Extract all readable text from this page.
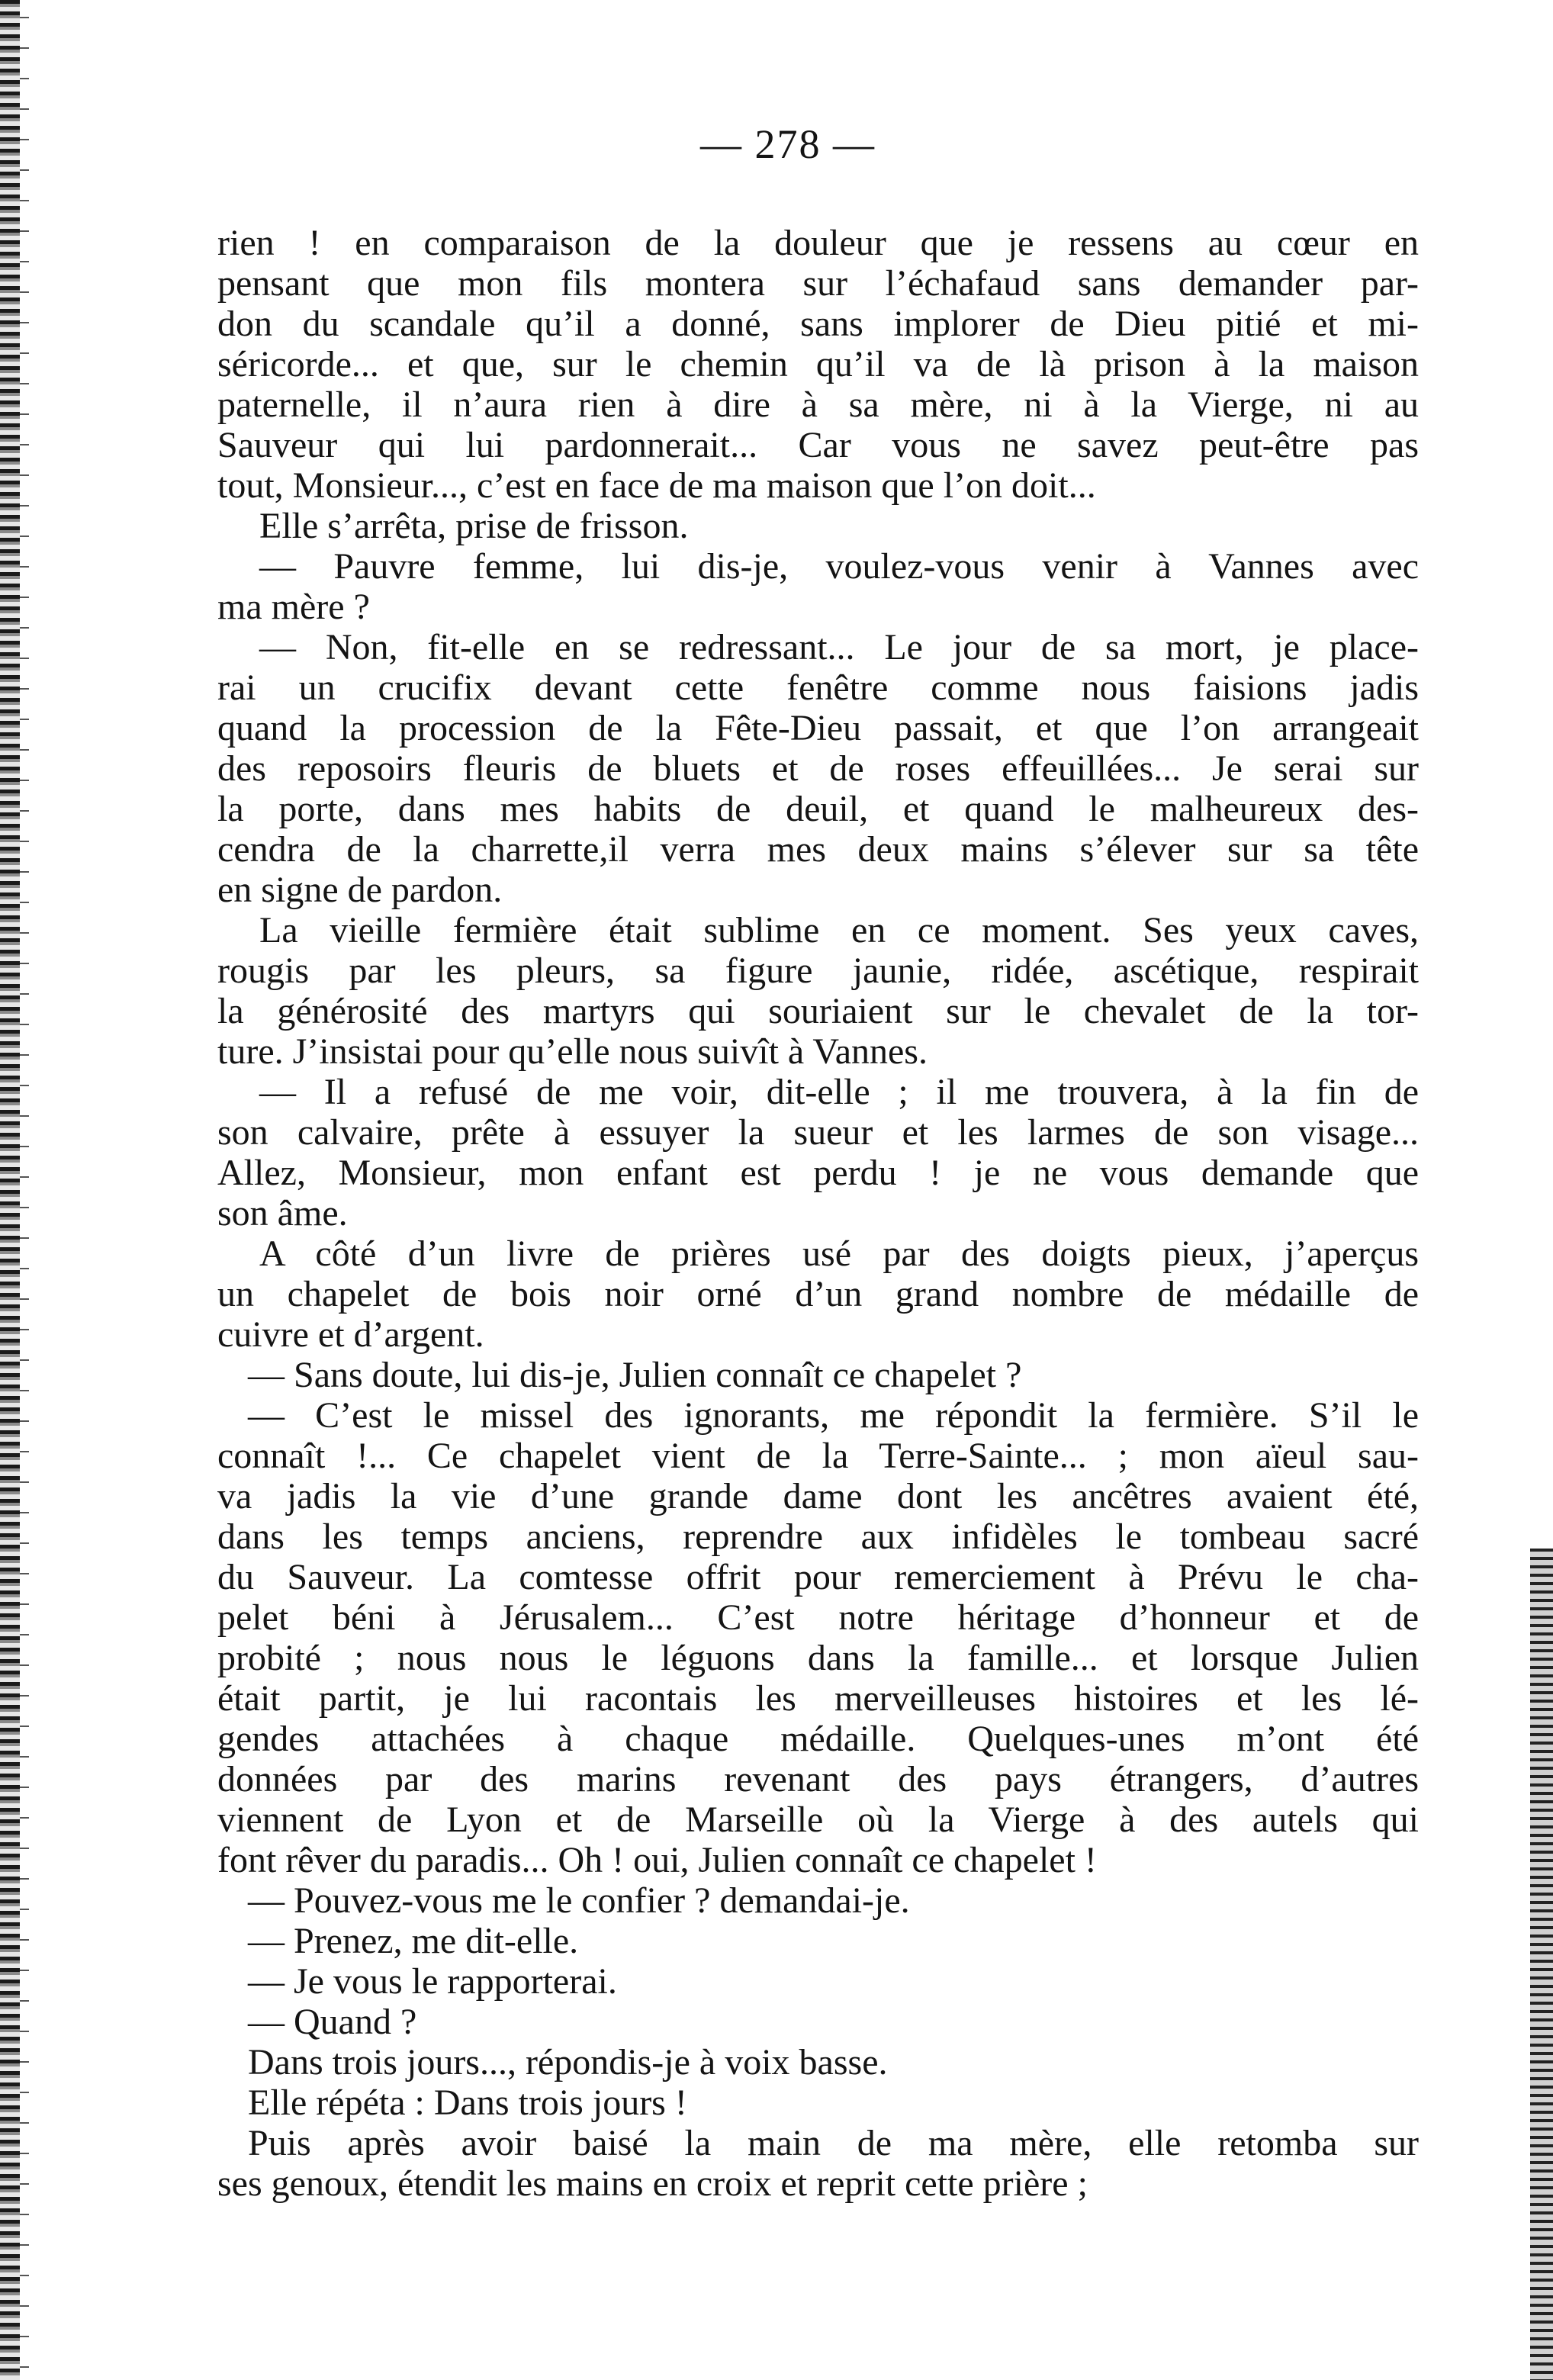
— 278 —
rien ! en comparaison de la douleur que je ressens au cœur en
pensant que mon fils montera sur l’échafaud sans demander par-
don du scandale qu’il a donné, sans implorer de Dieu pitié et mi-
séricorde... et que, sur le chemin qu’il va de là prison à la maison
paternelle, il n’aura rien à dire à sa mère, ni à la Vierge, ni au
Sauveur qui lui pardonnerait... Car vous ne savez peut-être pas
tout, Monsieur..., c’est en face de ma maison que l’on doit...
Elle s’arrêta, prise de frisson.
— Pauvre femme, lui dis-je, voulez-vous venir à Vannes avec
ma mère ?
— Non, fit-elle en se redressant... Le jour de sa mort, je place-
rai un crucifix devant cette fenêtre comme nous faisions jadis
quand la procession de la Fête-Dieu passait, et que l’on arrangeait
des reposoirs fleuris de bluets et de roses effeuillées... Je serai sur
la porte, dans mes habits de deuil, et quand le malheureux des-
cendra de la charrette,il verra mes deux mains s’élever sur sa tête
en signe de pardon.
La vieille fermière était sublime en ce moment. Ses yeux caves,
rougis par les pleurs, sa figure jaunie, ridée, ascétique, respirait
la générosité des martyrs qui souriaient sur le chevalet de la tor-
ture. J’insistai pour qu’elle nous suivît à Vannes.
— Il a refusé de me voir, dit-elle ; il me trouvera, à la fin de
son calvaire, prête à essuyer la sueur et les larmes de son visage...
Allez, Monsieur, mon enfant est perdu ! je ne vous demande que
son âme.
A côté d’un livre de prières usé par des doigts pieux, j’aperçus
un chapelet de bois noir orné d’un grand nombre de médaille de
cuivre et d’argent.
— Sans doute, lui dis-je, Julien connaît ce chapelet ?
— C’est le missel des ignorants, me répondit la fermière. S’il le
connaît !... Ce chapelet vient de la Terre-Sainte... ; mon aïeul sau-
va jadis la vie d’une grande dame dont les ancêtres avaient été,
dans les temps anciens, reprendre aux infidèles le tombeau sacré
du Sauveur. La comtesse offrit pour remerciement à Prévu le cha-
pelet béni à Jérusalem... C’est notre héritage d’honneur et de
probité ; nous nous le léguons dans la famille... et lorsque Julien
était partit, je lui racontais les merveilleuses histoires et les lé-
gendes attachées à chaque médaille. Quelques-unes m’ont été
données par des marins revenant des pays étrangers, d’autres
viennent de Lyon et de Marseille où la Vierge à des autels qui
font rêver du paradis... Oh ! oui, Julien connaît ce chapelet !
— Pouvez-vous me le confier ? demandai-je.
— Prenez, me dit-elle.
— Je vous le rapporterai.
— Quand ?
Dans trois jours..., répondis-je à voix basse.
Elle répéta : Dans trois jours !
Puis après avoir baisé la main de ma mère, elle retomba sur
ses genoux, étendit les mains en croix et reprit cette prière ;
